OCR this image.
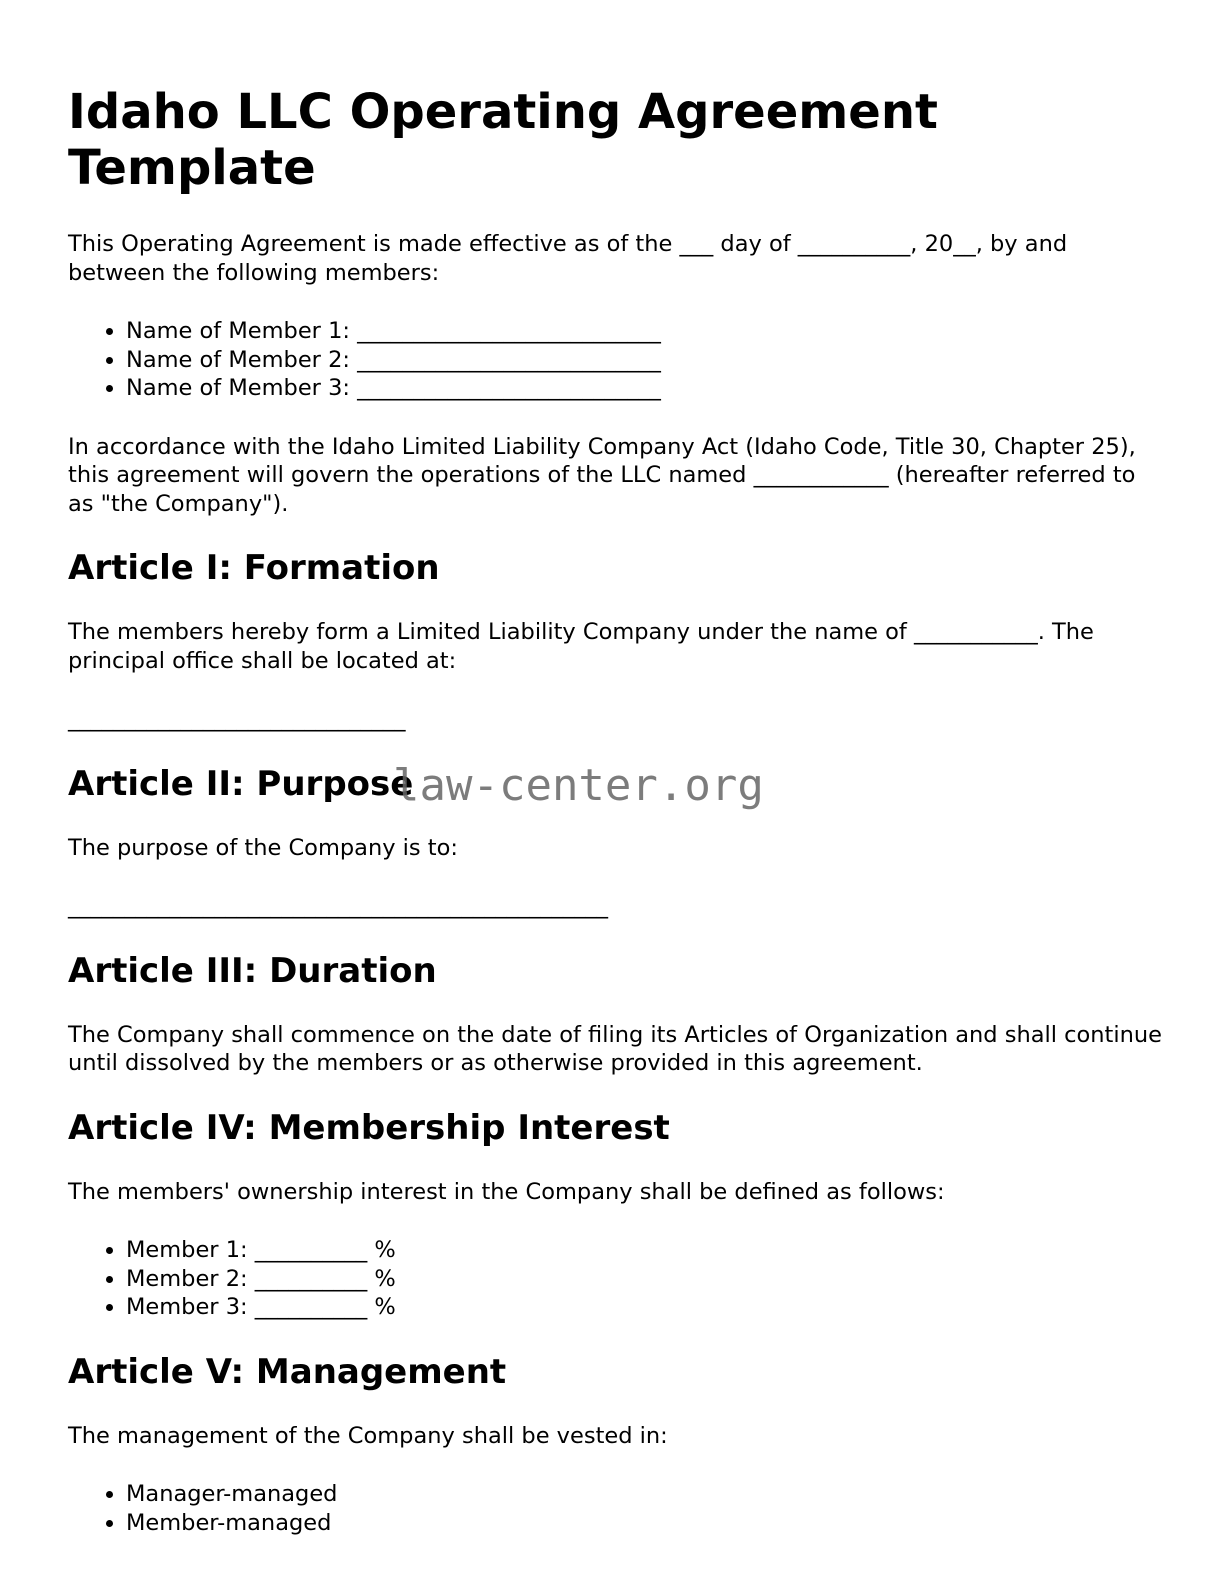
Idaho LLC Operating Agreement Template

This Operating Agreement is made effective as of the ___ day of __________, 20__, by and between the following members:

• Name of Member 1: ___________________________
• Name of Member 2: ___________________________
• Name of Member 3: ___________________________

In accordance with the Idaho Limited Liability Company Act (Idaho Code, Title 30, Chapter 25), this agreement will govern the operations of the LLC named ____________ (hereafter referred to as "the Company").

Article I: Formation

The members hereby form a Limited Liability Company under the name of ___________. The principal office shall be located at:

______________________________
Article II: Purpose

The purpose of the Company is to:

________________________________________________
Article III: Duration

The Company shall commence on the date of filing its Articles of Organization and shall continue until dissolved by the members or as otherwise provided in this agreement.

Article IV: Membership Interest

The members' ownership interest in the Company shall be defined as follows:

• Member 1: __________ %
• Member 2: __________ %
• Member 3: __________ %
Article V: Management

The management of the Company shall be vested in:

• Manager-managed
• Member-managed
law-center.org
